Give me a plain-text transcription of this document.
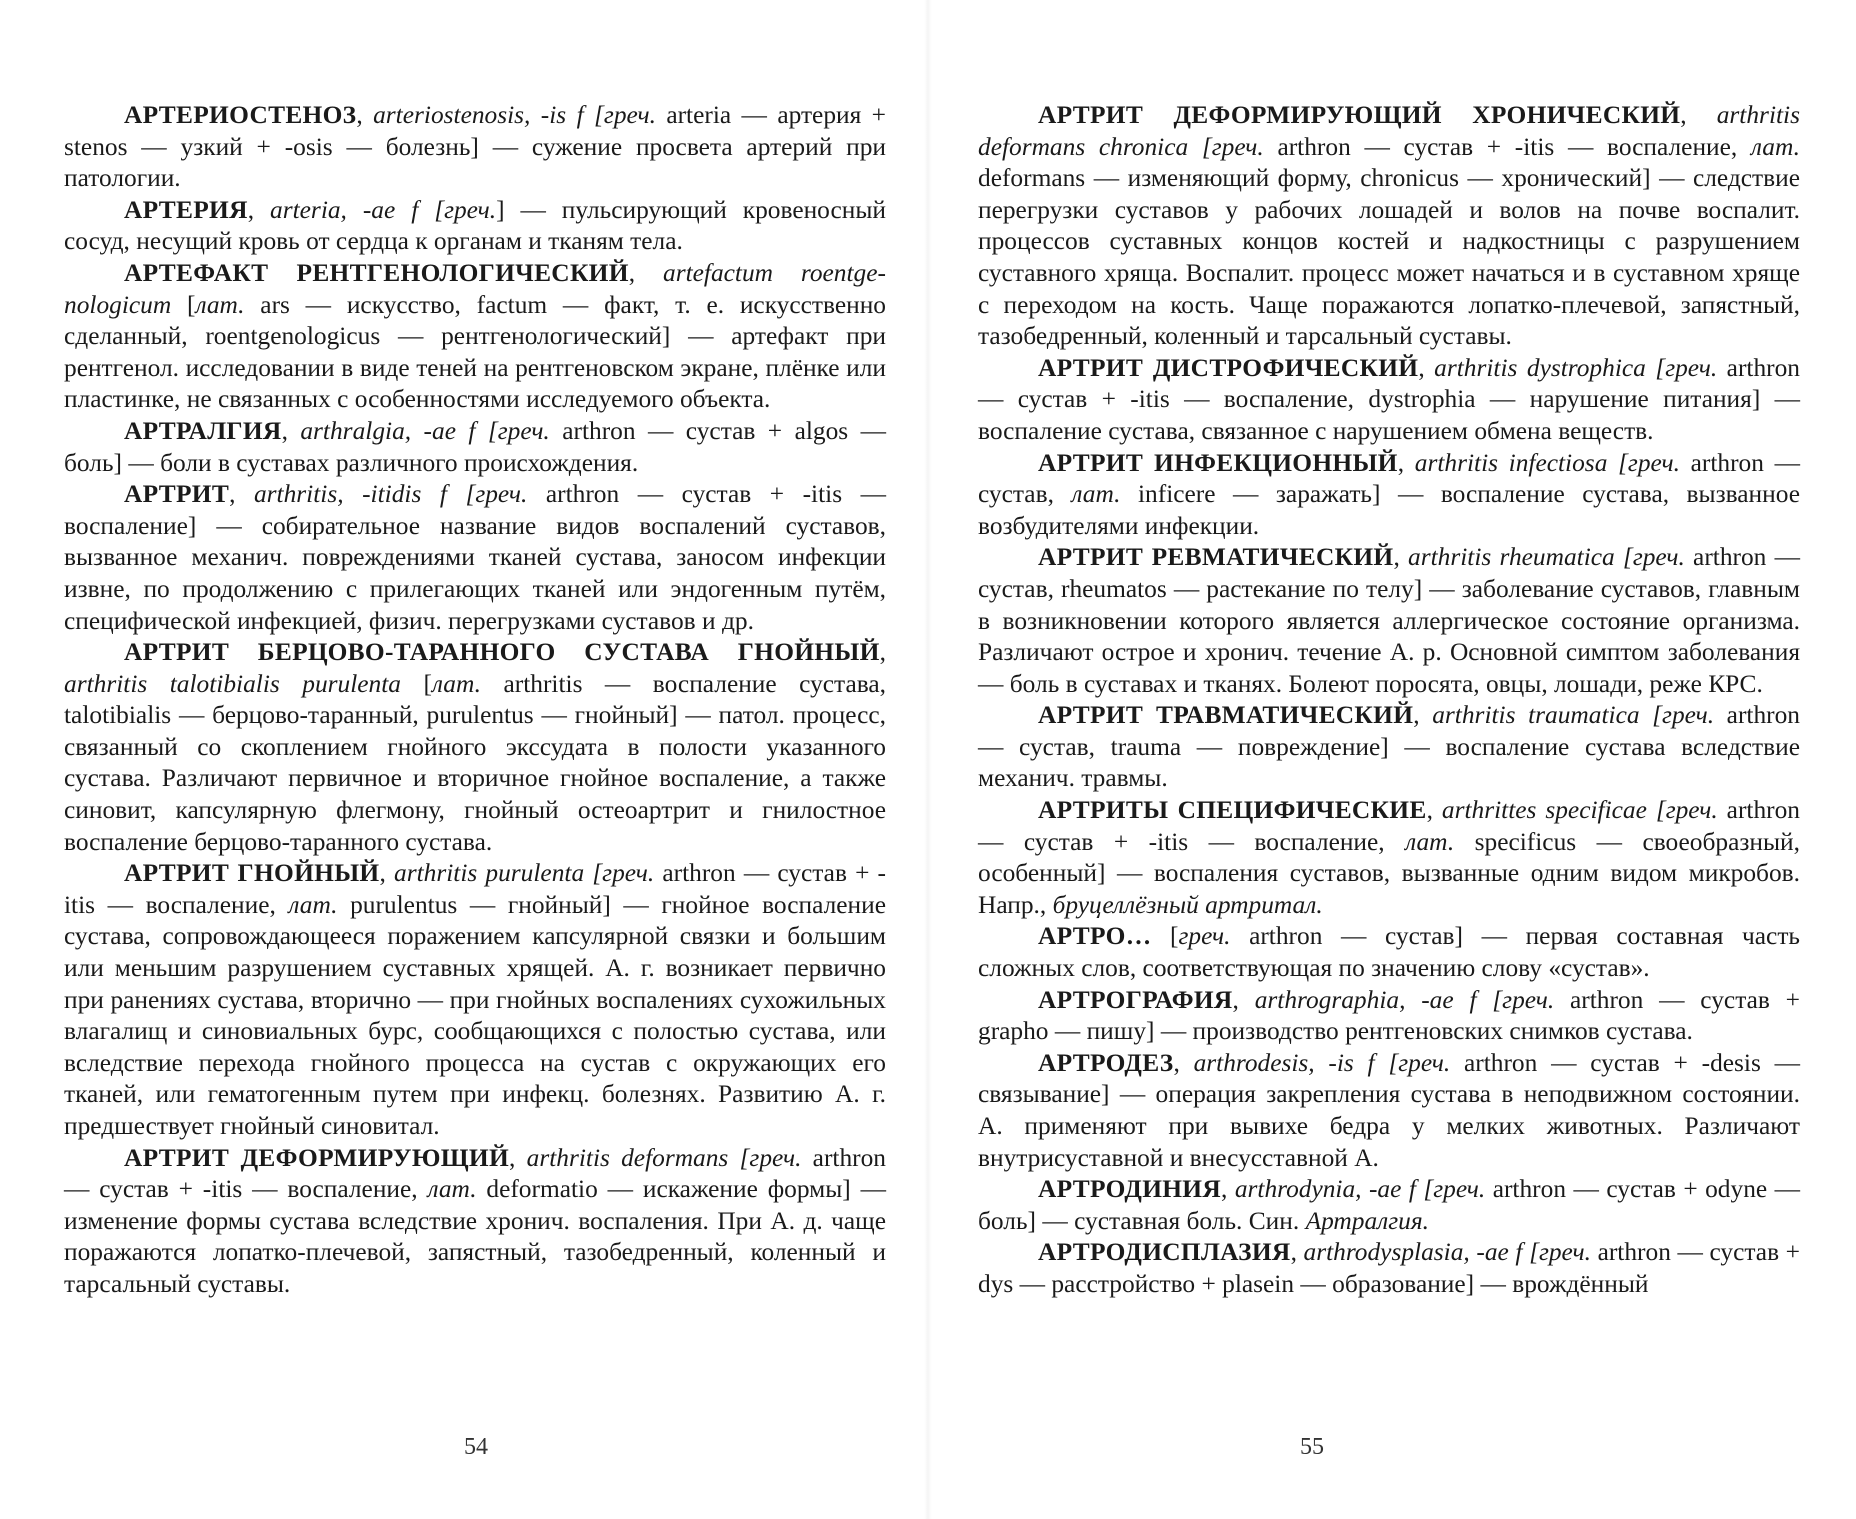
АРТЕРИОСТЕНОЗ, arteriostenosis, -is f [греч. arteria — артерия + stenos — узкий + -osis — болезнь] — сужение просвета артерий при патологии.

АРТЕРИЯ, arteria, -ae f [греч.] — пульсирующий кровеносный сосуд, несущий кровь от сердца к органам и тканям тела.

АРТЕФАКТ РЕНТГЕНОЛОГИЧЕСКИЙ, artefactum roentgenologicum [лат. ars — искусство, factum — факт, т. е. искусственно сделанный, roentgenologicus — рентгенологический] — артефакт при рентгенол. исследовании в виде теней на рентгеновском экране, плёнке или пластинке, не связанных с особенностями исследуемого объекта.

АРТРАЛГИЯ, arthralgia, -ae f [греч. arthron — сустав + algos — боль] — боли в суставах различного происхождения.

АРТРИТ, arthritis, -itidis f [греч. arthron — сустав + -itis — воспаление] — собирательное название видов воспалений суставов, вызванное механич. повреждениями тканей сустава, заносом инфекции извне, по продолжению с прилегающих тканей или эндогенным путём, специфической инфекцией, физич. перегрузками суставов и др.

АРТРИТ БЕРЦОВО-ТАРАННОГО СУСТАВА ГНОЙНЫЙ, arthritis talotibialis purulenta [лат. arthritis — воспаление сустава, talotibialis — берцово-таранный, purulentus — гнойный] — патол. процесс, связанный со скоплением гнойного экссудата в полости указанного сустава. Различают первичное и вторичное гнойное воспаление, а также синовит, капсулярную флегмону, гнойный остеоартрит и гнилостное воспаление берцово-таранного сустава.

АРТРИТ ГНОЙНЫЙ, arthritis purulenta [греч. arthron — сустав + -itis — воспаление, лат. purulentus — гнойный] — гнойное воспаление сустава, сопровождающееся поражением капсулярной связки и большим или меньшим разрушением суставных хрящей. А. г. возникает первично при ранениях сустава, вторично — при гнойных воспалениях сухожильных влагалищ и синовиальных бурс, сообщающихся с полостью сустава, или вследствие перехода гнойного процесса на сустав с окружающих его тканей, или гематогенным путем при инфекц. болезнях. Развитию А. г. предшествует гнойный синовитал.

АРТРИТ ДЕФОРМИРУЮЩИЙ, arthritis deformans [греч. arthron — сустав + -itis — воспаление, лат. deformatio — искажение формы] — изменение формы сустава вследствие хронич. воспаления. При А. д. чаще поражаются лопатко-плечевой, запястный, тазобедренный, коленный и тарсальный суставы.

54

АРТРИТ ДЕФОРМИРУЮЩИЙ ХРОНИЧЕСКИЙ, arthritis deformans chronica [греч. arthron — сустав + -itis — воспаление, лат. deformans — изменяющий форму, chronicus — хронический] — следствие перегрузки суставов у рабочих лошадей и волов на почве воспалит. процессов суставных концов костей и надкостницы с разрушением суставного хряща. Воспалит. процесс может начаться и в суставном хряще с переходом на кость. Чаще поражаются лопатко-плечевой, запястный, тазобедренный, коленный и тарсальный суставы.

АРТРИТ ДИСТРОФИЧЕСКИЙ, arthritis dystrophica [греч. arthron — сустав + -itis — воспаление, dystrophia — нарушение питания] — воспаление сустава, связанное с нарушением обмена веществ.

АРТРИТ ИНФЕКЦИОННЫЙ, arthritis infectiosa [греч. arthron — сустав, лат. inficere — заражать] — воспаление сустава, вызванное возбудителями инфекции.

АРТРИТ РЕВМАТИЧЕСКИЙ, arthritis rheumatica [греч. arthron — сустав, rheumatos — растекание по телу] — заболевание суставов, главным в возникновении которого является аллергическое состояние организма. Различают острое и хронич. течение А. р. Основной симптом заболевания — боль в суставах и тканях. Болеют поросята, овцы, лошади, реже КРС.

АРТРИТ ТРАВМАТИЧЕСКИЙ, arthritis traumatica [греч. arthron — сустав, trauma — повреждение] — воспаление сустава вследствие механич. травмы.

АРТРИТЫ СПЕЦИФИЧЕСКИЕ, arthrittes specificae [греч. arthron — сустав + -itis — воспаление, лат. specificus — своеобразный, особенный] — воспаления суставов, вызванные одним видом микробов. Напр., бруцеллёзный артритал.

АРТРО… [греч. arthron — сустав] — первая составная часть сложных слов, соответствующая по значению слову «сустав».

АРТРОГРАФИЯ, arthrographia, -ae f [греч. arthron — сустав + grapho — пишу] — производство рентгеновских снимков сустава.

АРТРОДЕЗ, arthrodesis, -is f [греч. arthron — сустав + -desis — связывание] — операция закрепления сустава в неподвижном состоянии. А. применяют при вывихе бедра у мелких животных. Различают внутрисуставной и внесусставной А.

АРТРОДИНИЯ, arthrodynia, -ae f [греч. arthron — сустав + odyne — боль] — суставная боль. Син. Артралгия.

АРТРОДИСПЛАЗИЯ, arthrodysplasia, -ae f [греч. arthron — сустав + dys — расстройство + plasein — образование] — врождённый

55
